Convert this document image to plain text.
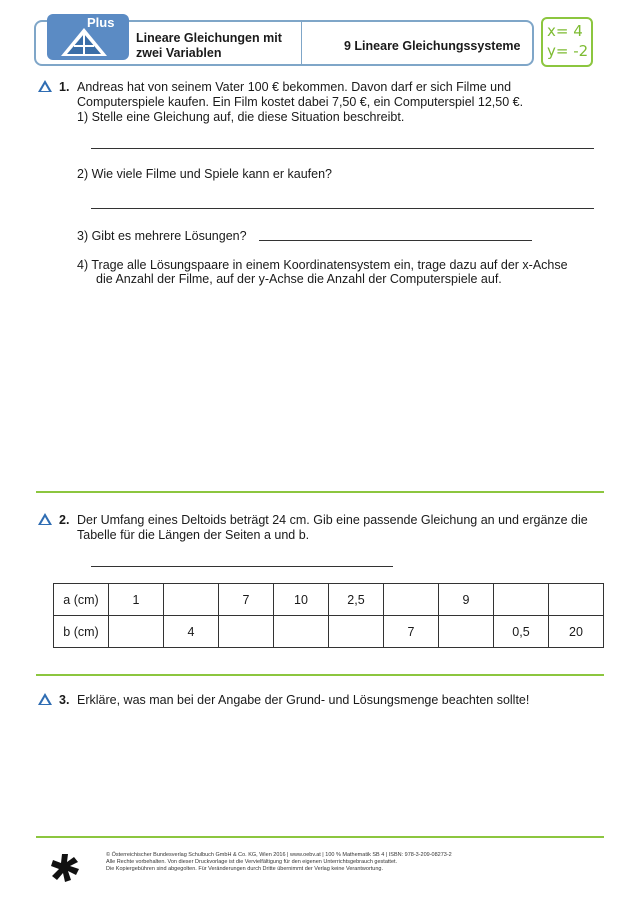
Plus
Lineare Gleichungen mit zwei Variablen	9 Lineare Gleichungssysteme
x= 4
y= -2
1. Andreas hat von seinem Vater 100 € bekommen. Davon darf er sich Filme und
Computerspiele kaufen. Ein Film kostet dabei 7,50 €, ein Computerspiel 12,50 €.
1) Stelle eine Gleichung auf, die diese Situation beschreibt.
2) Wie viele Filme und Spiele kann er kaufen?
3) Gibt es mehrere Lösungen?
4) Trage alle Lösungspaare in einem Koordinatensystem ein, trage dazu auf der x-Achse
die Anzahl der Filme, auf der y-Achse die Anzahl der Computerspiele auf.
2. Der Umfang eines Deltoids beträgt 24 cm. Gib eine passende Gleichung an und ergänze die
Tabelle für die Längen der Seiten a und b.
a (cm)	1		7	10	2,5		9		
b (cm)		4				7		0,5	20
3. Erkläre, was man bei der Angabe der Grund- und Lösungsmenge beachten sollte!
© Österreichischer Bundesverlag Schulbuch GmbH & Co. KG, Wien 2016 | www.oebv.at | 100 % Mathematik SB 4 | ISBN: 978-3-209-08273-2
Alle Rechte vorbehalten. Von dieser Druckvorlage ist die Vervielfältigung für den eigenen Unterrichtsgebrauch gestattet.
Die Kopiergebühren sind abgegolten. Für Veränderungen durch Dritte übernimmt der Verlag keine Verantwortung.
